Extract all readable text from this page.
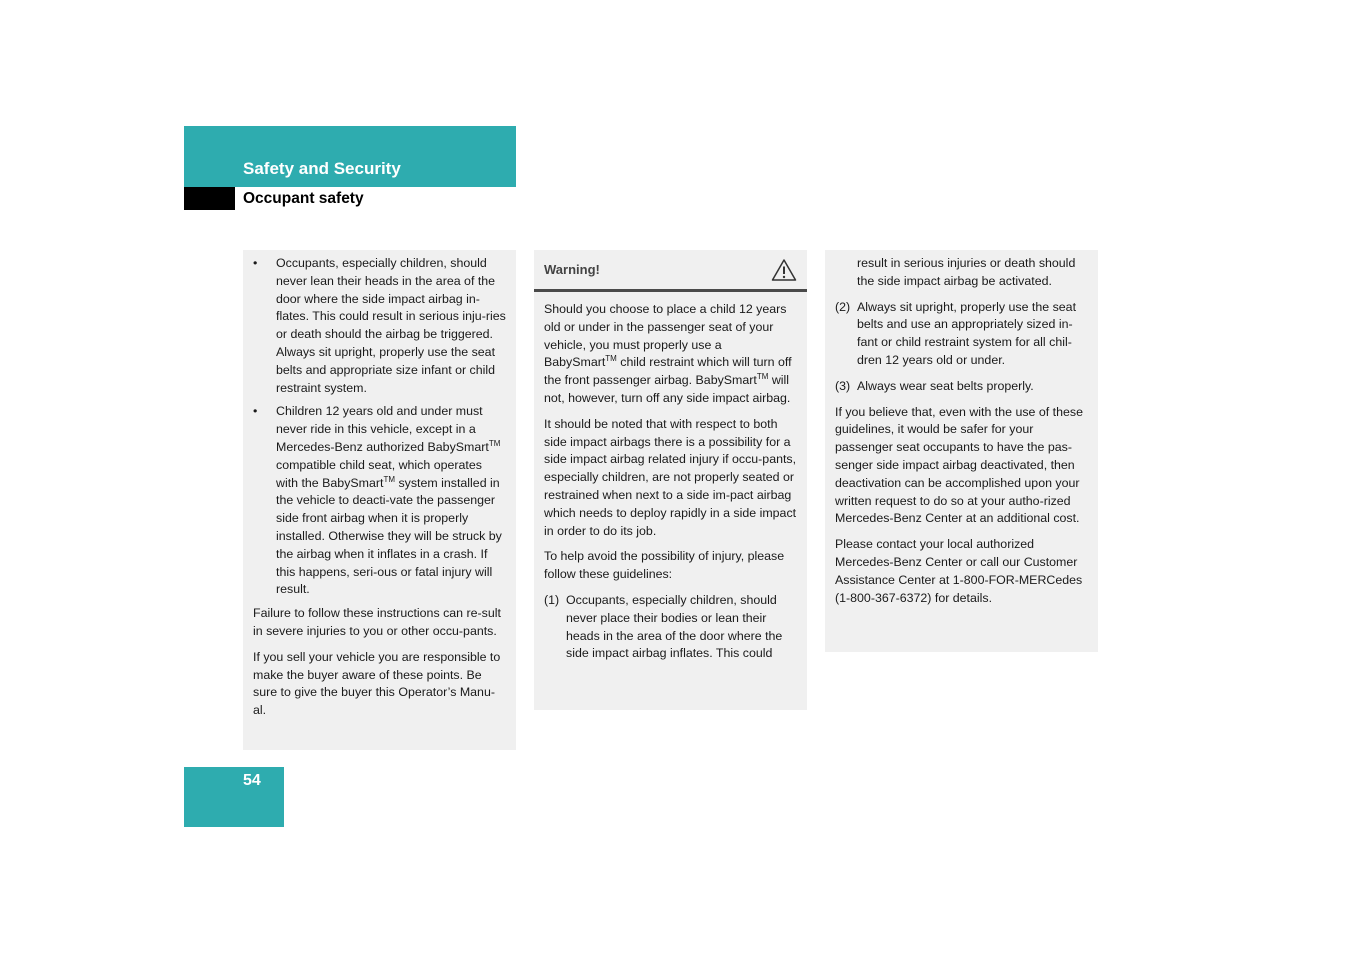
Safety and Security
Occupant safety
•	Occupants, especially children, should never lean their heads in the area of the door where the side impact airbag in-flates. This could result in serious inju-ries or death should the airbag be triggered. Always sit upright, properly use the seat belts and appropriate size infant or child restraint system.
•	Children 12 years old and under must never ride in this vehicle, except in a Mercedes-Benz authorized BabySmart™ compatible child seat, which operates with the BabySmart™ system installed in the vehicle to deacti-vate the passenger side front airbag when it is properly installed. Otherwise they will be struck by the airbag when it inflates in a crash. If this happens, seri-ous or fatal injury will result.

Failure to follow these instructions can re-sult in severe injuries to you or other occu-pants.

If you sell your vehicle you are responsible to make the buyer aware of these points. Be sure to give the buyer this Operator’s Manu-al.

Warning!

Should you choose to place a child 12 years old or under in the passenger seat of your vehicle, you must properly use a BabySmart™ child restraint which will turn off the front passenger airbag. BabySmart™ will not, however, turn off any side impact airbag.

It should be noted that with respect to both side impact airbags there is a possibility for a side impact airbag related injury if occu-pants, especially children, are not properly seated or restrained when next to a side im-pact airbag which needs to deploy rapidly in a side impact in order to do its job.

To help avoid the possibility of injury, please follow these guidelines:

(1) Occupants, especially children, should never place their bodies or lean their heads in the area of the door where the side impact airbag inflates. This could
result in serious injuries or death should the side impact airbag be activated.
(2) Always sit upright, properly use the seat belts and use an appropriately sized in-fant or child restraint system for all chil-dren 12 years old or under.
(3) Always wear seat belts properly.

If you believe that, even with the use of these guidelines, it would be safer for your passenger seat occupants to have the pas-senger side impact airbag deactivated, then deactivation can be accomplished upon your written request to do so at your autho-rized Mercedes-Benz Center at an additional cost.

Please contact your local authorized Mercedes-Benz Center or call our Customer Assistance Center at 1-800-FOR-MERCedes (1-800-367-6372) for details.

54
